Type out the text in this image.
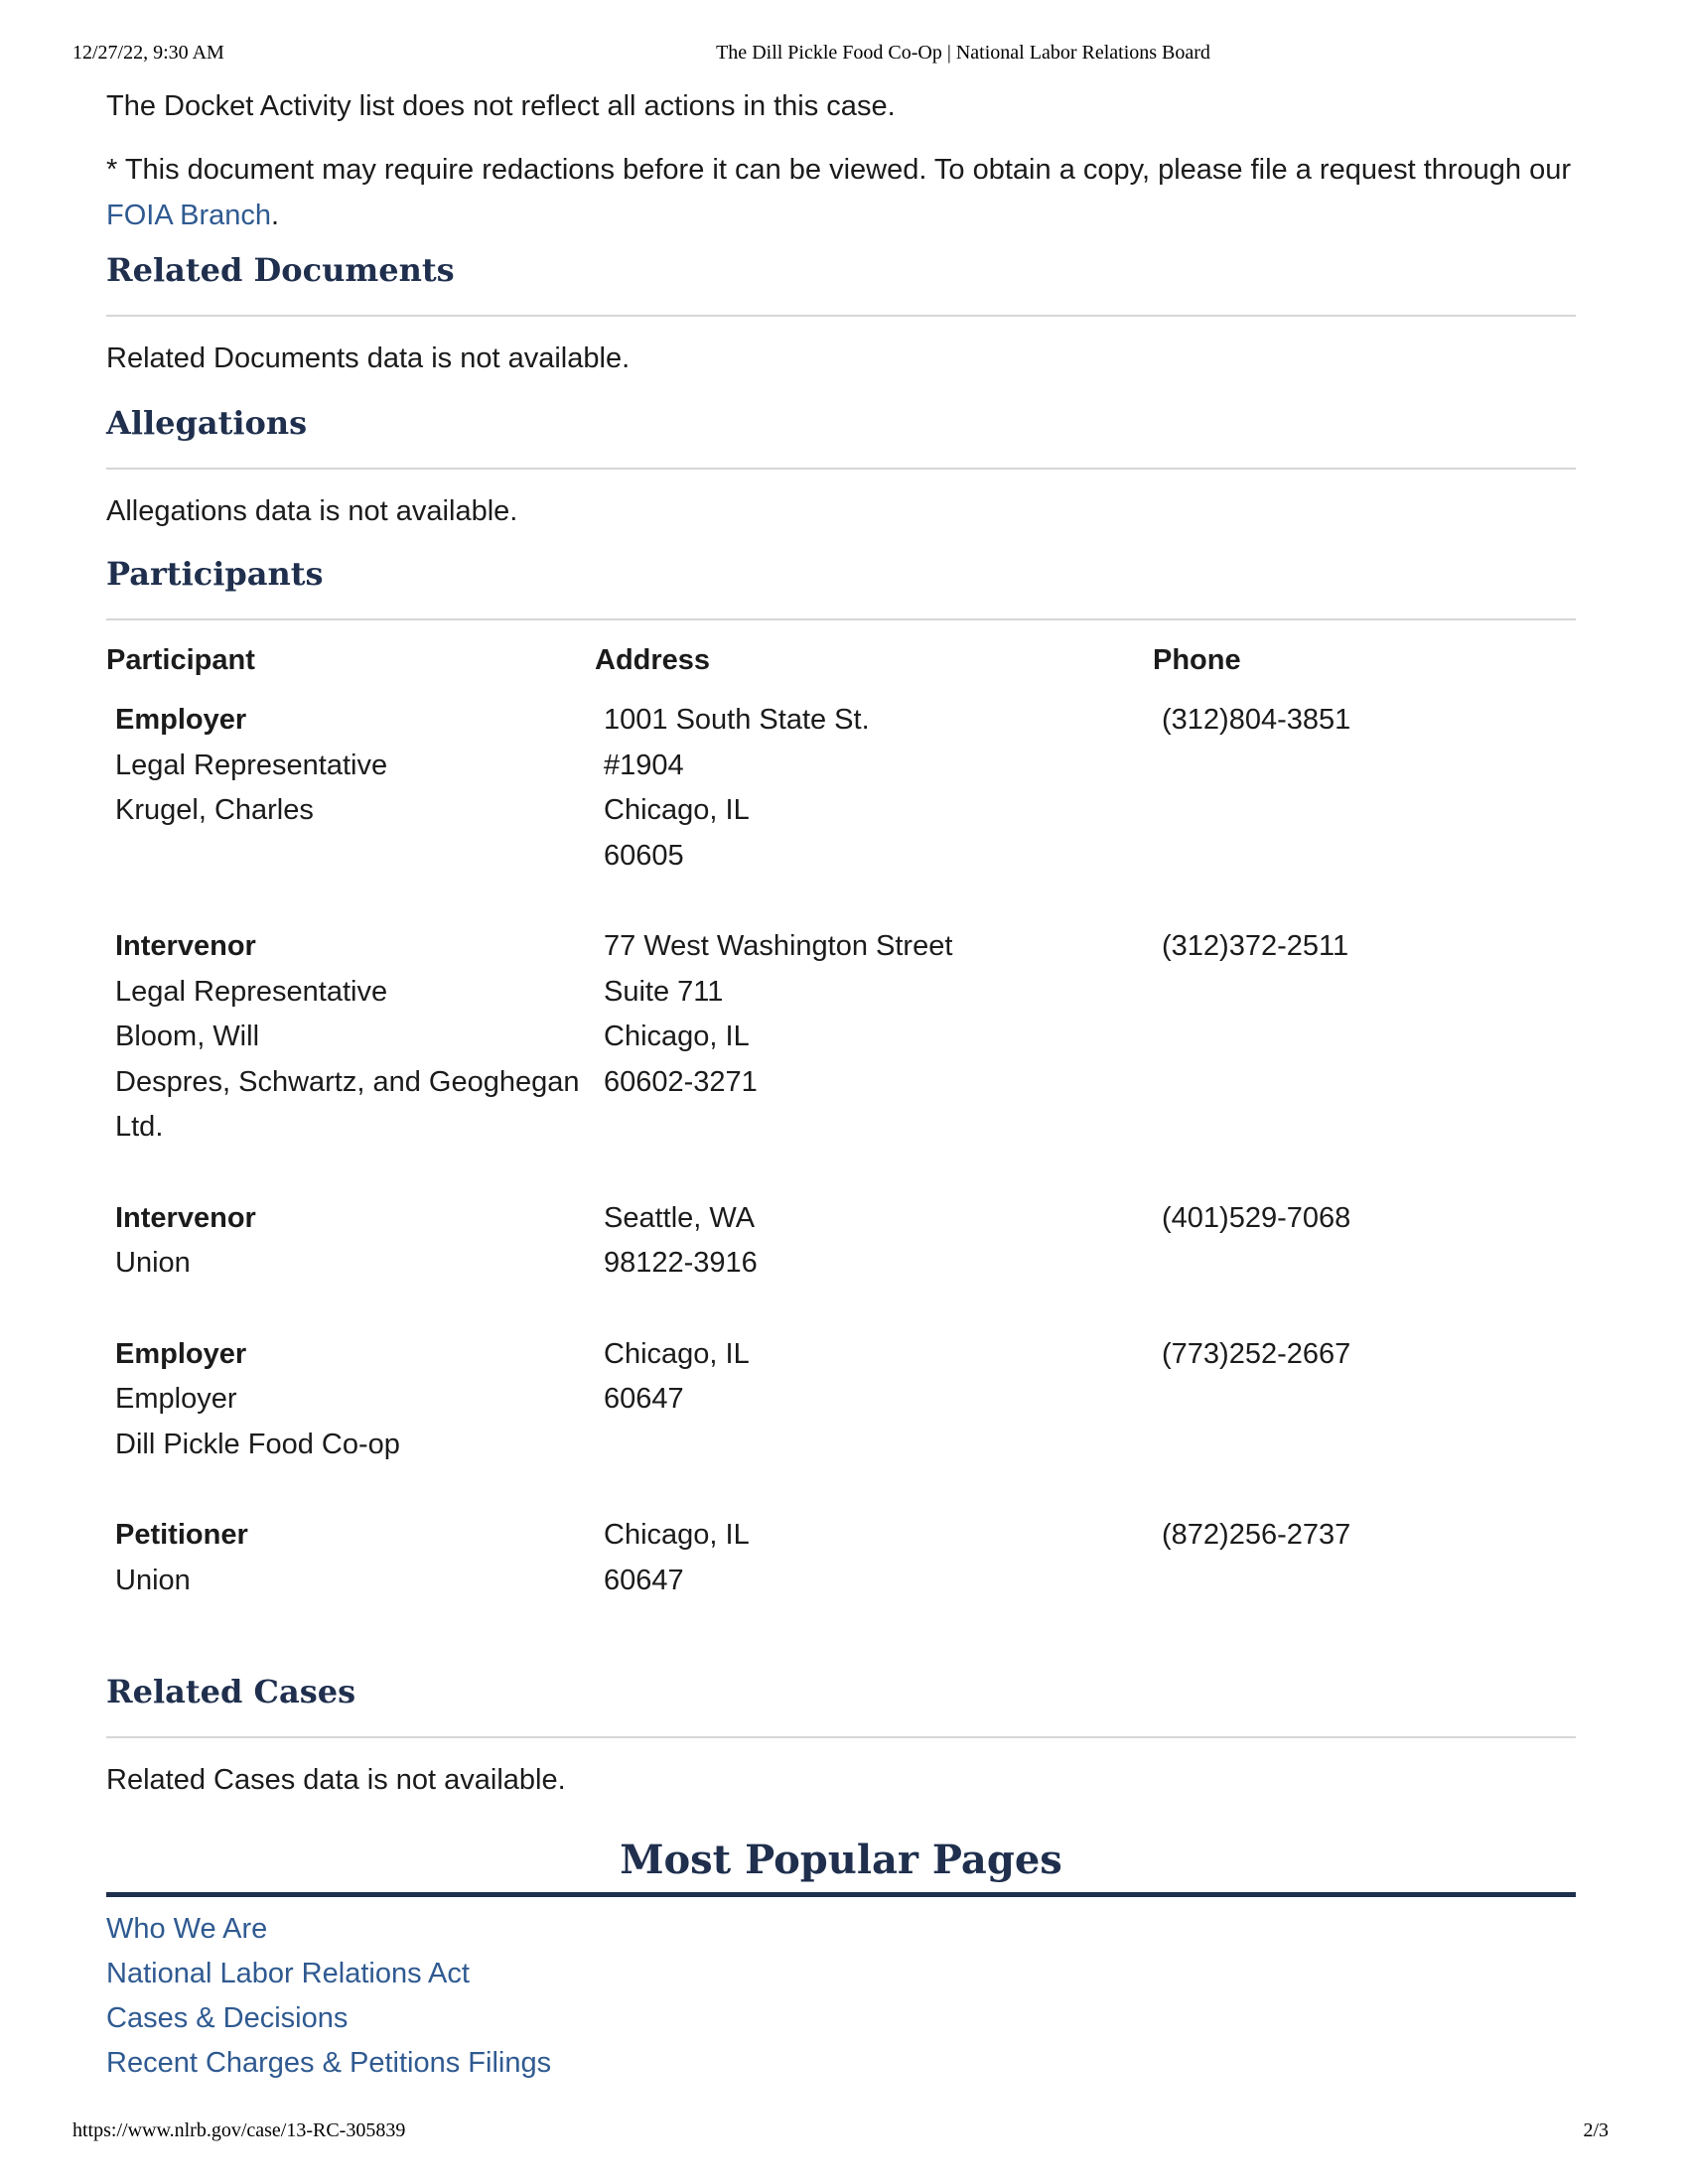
12/27/22, 9:30 AM	The Dill Pickle Food Co-Op | National Labor Relations Board

The Docket Activity list does not reflect all actions in this case.

* This document may require redactions before it can be viewed. To obtain a copy, please file a request through our FOIA Branch.

Related Documents

Related Documents data is not available.

Allegations

Allegations data is not available.

Participants
Participant	Address	Phone

Employer
Legal Representative
Krugel, Charles	1001 South State St.
#1904
Chicago, IL
60605	(312)804-3851

Intervenor
Legal Representative
Bloom, Will
Despres, Schwartz, and Geoghegan Ltd.	77 West Washington Street
Suite 711
Chicago, IL
60602-3271	(312)372-2511

Intervenor
Union	Seattle, WA
98122-3916	(401)529-7068

Employer
Employer
Dill Pickle Food Co-op	Chicago, IL
60647	(773)252-2667

Petitioner
Union	Chicago, IL
60647	(872)256-2737
Related Cases

Related Cases data is not available.

Most Popular Pages
Who We Are
National Labor Relations Act
Cases & Decisions
Recent Charges & Petitions Filings
https://www.nlrb.gov/case/13-RC-305839	2/3
